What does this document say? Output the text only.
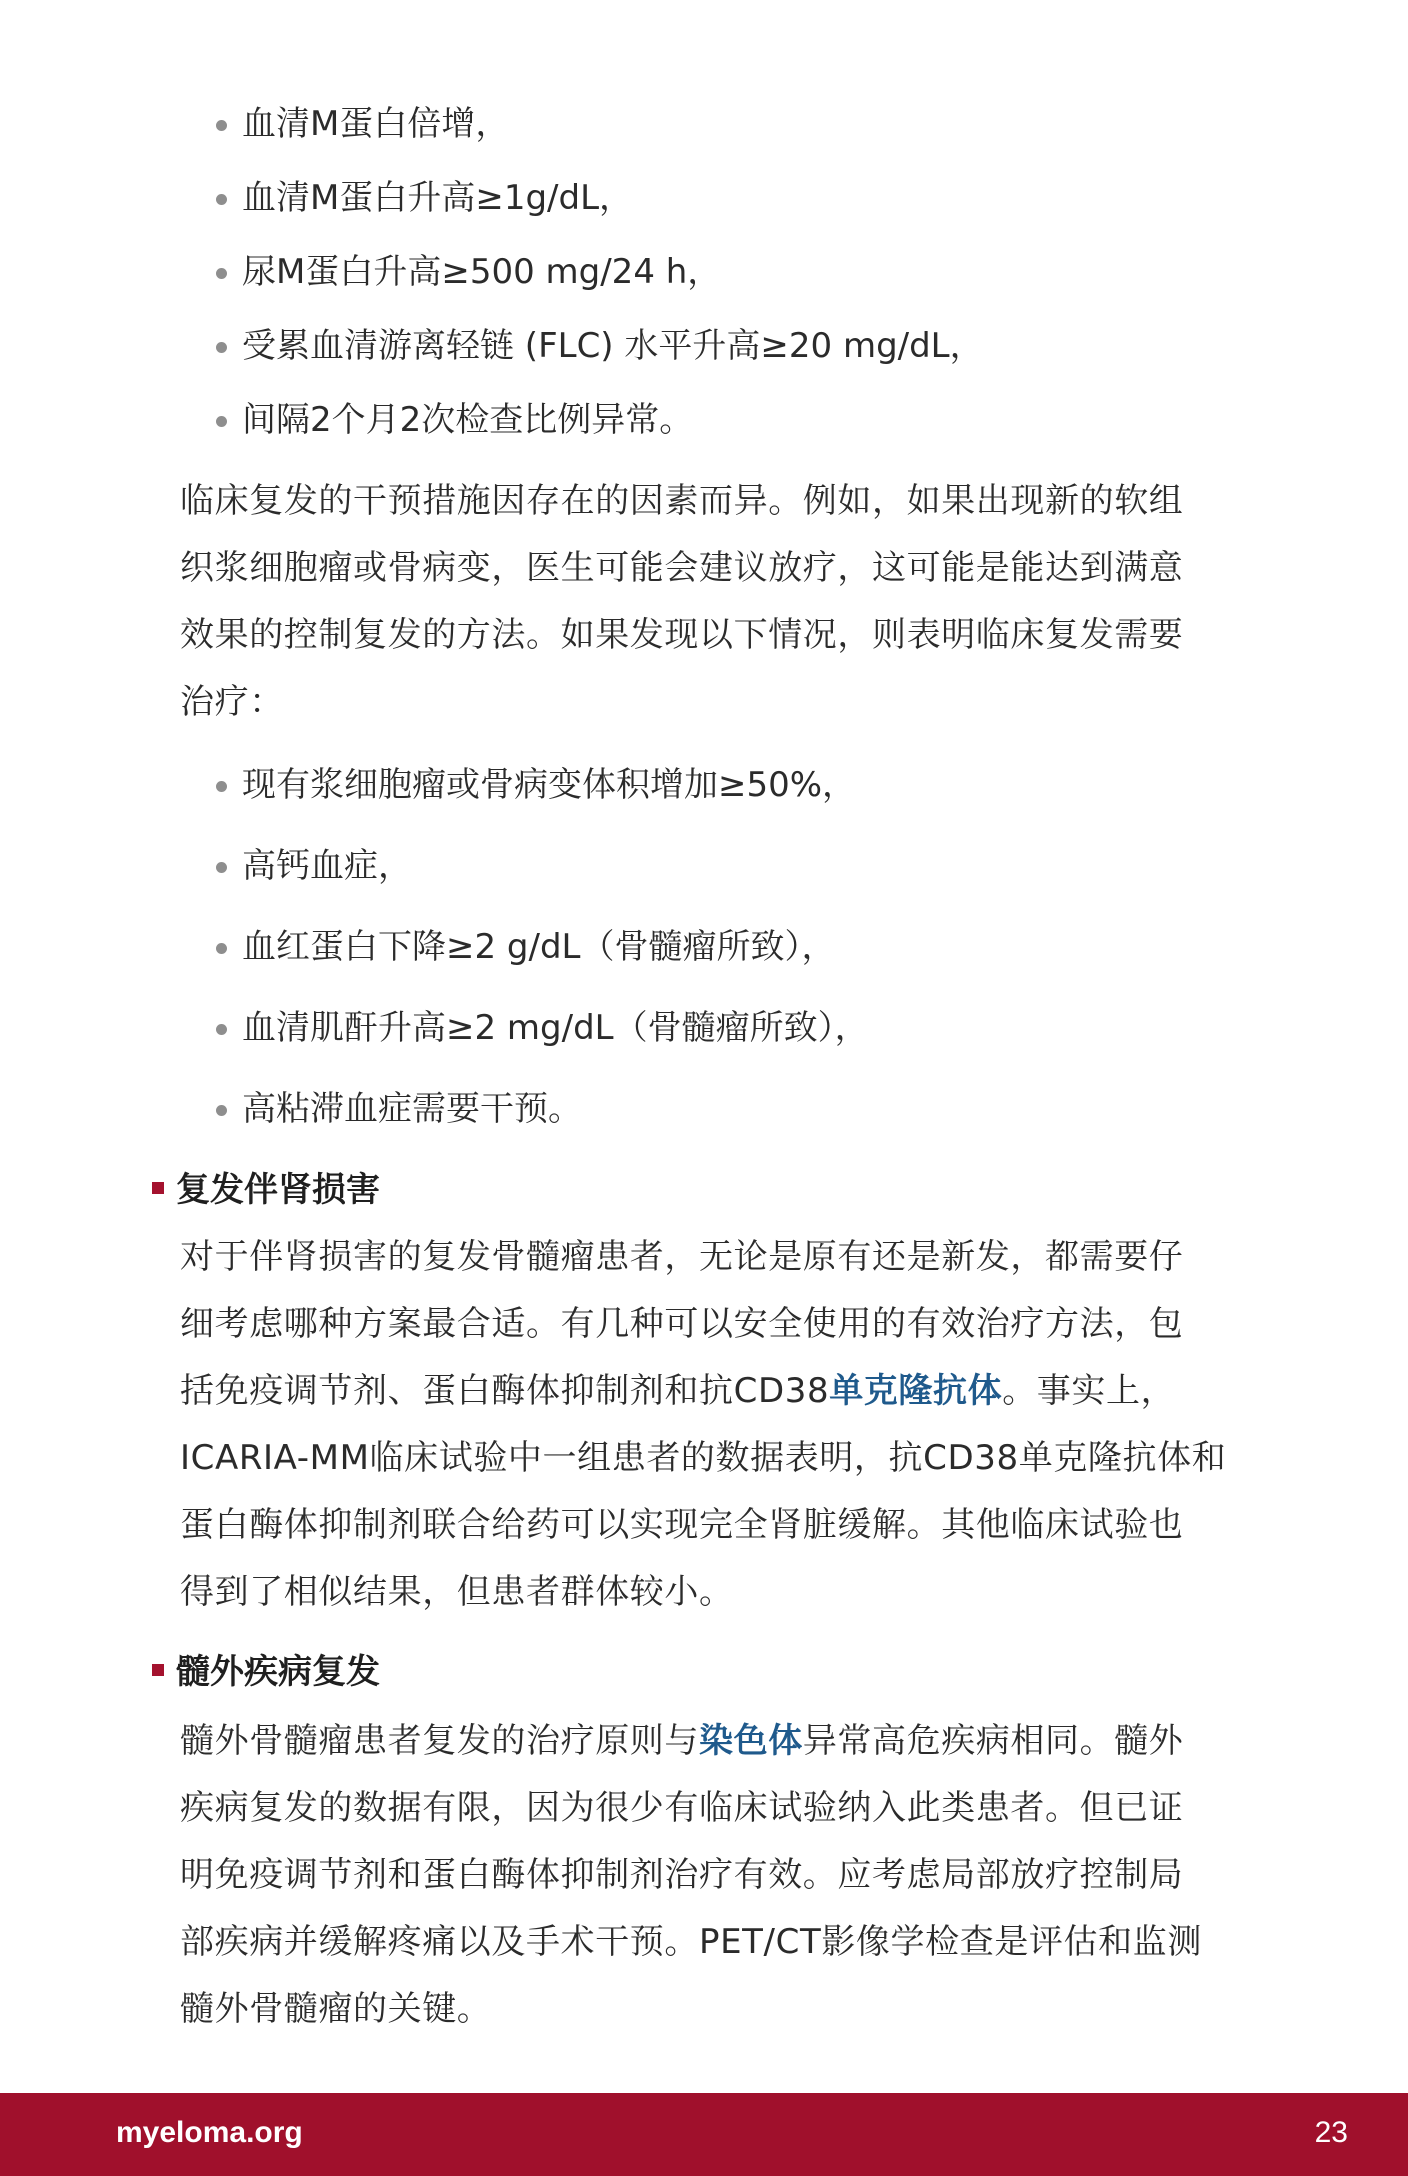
血清M蛋白倍增，
血清M蛋白升高≥1g/dL，
尿M蛋白升高≥500 mg/24 h，
受累血清游离轻链 (FLC) 水平升高≥20 mg/dL，
间隔2个月2次检查比例异常。

临床复发的干预措施因存在的因素而异。例如，如果出现新的软组
织浆细胞瘤或骨病变，医生可能会建议放疗，这可能是能达到满意
效果的控制复发的方法。如果发现以下情况，则表明临床复发需要
治疗：

现有浆细胞瘤或骨病变体积增加≥50%，
高钙血症，
血红蛋白下降≥2 g/dL（骨髓瘤所致），
血清肌酐升高≥2 mg/dL（骨髓瘤所致），
高粘滞血症需要干预。
复发伴肾损害

对于伴肾损害的复发骨髓瘤患者，无论是原有还是新发，都需要仔
细考虑哪种方案最合适。有几种可以安全使用的有效治疗方法，包
括免疫调节剂、蛋白酶体抑制剂和抗CD38单克隆抗体。事实上，
ICARIA-MM临床试验中一组患者的数据表明，抗CD38单克隆抗体和
蛋白酶体抑制剂联合给药可以实现完全肾脏缓解。其他临床试验也
得到了相似结果，但患者群体较小。

髓外疾病复发

髓外骨髓瘤患者复发的治疗原则与染色体异常高危疾病相同。髓外
疾病复发的数据有限，因为很少有临床试验纳入此类患者。但已证
明免疫调节剂和蛋白酶体抑制剂治疗有效。应考虑局部放疗控制局
部疾病并缓解疼痛以及手术干预。PET/CT影像学检查是评估和监测
髓外骨髓瘤的关键。

myeloma.org	23
